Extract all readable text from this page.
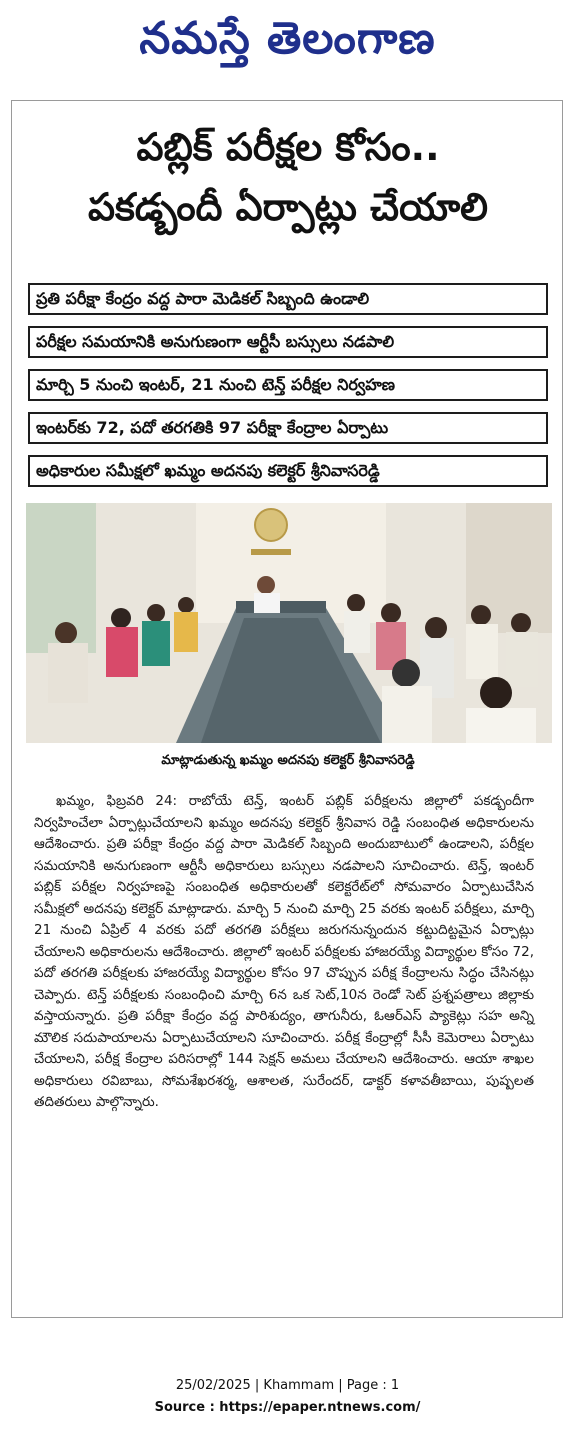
నమస్తే తెలంగాణ
పబ్లిక్ పరీక్షల కోసం..
పకడ్బందీ ఏర్పాట్లు చేయాలి
ప్రతి పరీక్షా కేంద్రం వద్ద పారా మెడికల్ సిబ్బంది ఉండాలి
పరీక్షల సమయానికి అనుగుణంగా ఆర్టీసీ బస్సులు నడపాలి
మార్చి 5 నుంచి ఇంటర్, 21 నుంచి టెన్త్ పరీక్షల నిర్వహణ
ఇంటర్‌కు 72, పదో తరగతికి 97 పరీక్షా కేంద్రాల ఏర్పాటు
అధికారుల సమీక్షలో ఖమ్మం అదనపు కలెక్టర్ శ్రీనివాసరెడ్డి
మాట్లాడుతున్న ఖమ్మం అదనపు కలెక్టర్ శ్రీనివాసరెడ్డి
ఖమ్మం, ఫిబ్రవరి 24: రాబోయే టెన్త్, ఇంటర్ పబ్లిక్ పరీక్షలను జిల్లాలో పకడ్బందీగా నిర్వహించేలా ఏర్పాట్లుచేయాలని ఖమ్మం అదనపు కలెక్టర్ శ్రీనివాస రెడ్డి సంబంధిత అధికారులను ఆదేశించారు. ప్రతి పరీక్షా కేంద్రం వద్ద పారా మెడికల్ సిబ్బంది అందుబాటులో ఉండాలని, పరీక్షల సమయానికి అనుగుణంగా ఆర్టీసీ అధికారులు బస్సులు నడపాలని సూచించారు. టెన్త్, ఇంటర్ పబ్లిక్ పరీక్షల నిర్వహణపై సంబంధిత అధికారులతో కలెక్టరేట్‌లో సోమవారం ఏర్పాటుచేసిన సమీక్షలో అదనపు కలెక్టర్ మాట్లాడారు. మార్చి 5 నుంచి మార్చి 25 వరకు ఇంటర్ పరీక్షలు, మార్చి 21 నుంచి ఏప్రిల్ 4 వరకు పదో తరగతి పరీక్షలు జరుగనున్నందున కట్టుదిట్టమైన ఏర్పాట్లు చేయాలని అధికారులను ఆదేశించారు. జిల్లాలో ఇంటర్ పరీక్షలకు హాజరయ్యే విద్యార్థుల కోసం 72, పదో తరగతి పరీక్షలకు హాజరయ్యే విద్యార్థుల కోసం 97 చొప్పున పరీక్ష కేంద్రాలను సిద్ధం చేసినట్లు చెప్పారు. టెన్త్ పరీక్షలకు సంబంధించి మార్చి 6న ఒక సెట్,10న రెండో సెట్ ప్రశ్నపత్రాలు జిల్లాకు వస్తాయన్నారు. ప్రతి పరీక్షా కేంద్రం వద్ద పారిశుద్యం, తాగునీరు, ఓఆర్ఎస్ ప్యాకెట్లు సహ అన్ని మౌలిక సదుపాయాలను ఏర్పాటుచేయాలని సూచించారు. పరీక్ష కేంద్రాల్లో సీసీ కెమెరాలు ఏర్పాటు చేయాలని, పరీక్ష కేంద్రాల పరిసరాల్లో 144 సెక్షన్ అమలు చేయాలని ఆదేశించారు. ఆయా శాఖల అధికారులు రవిబాబు, సోమశేఖరశర్మ, ఆశాలత, సురేందర్, డాక్టర్ కళావతీబాయి, పుష్పలత తదితరులు పాల్గొన్నారు.
25/02/2025 | Khammam | Page : 1
Source : https://epaper.ntnews.com/
